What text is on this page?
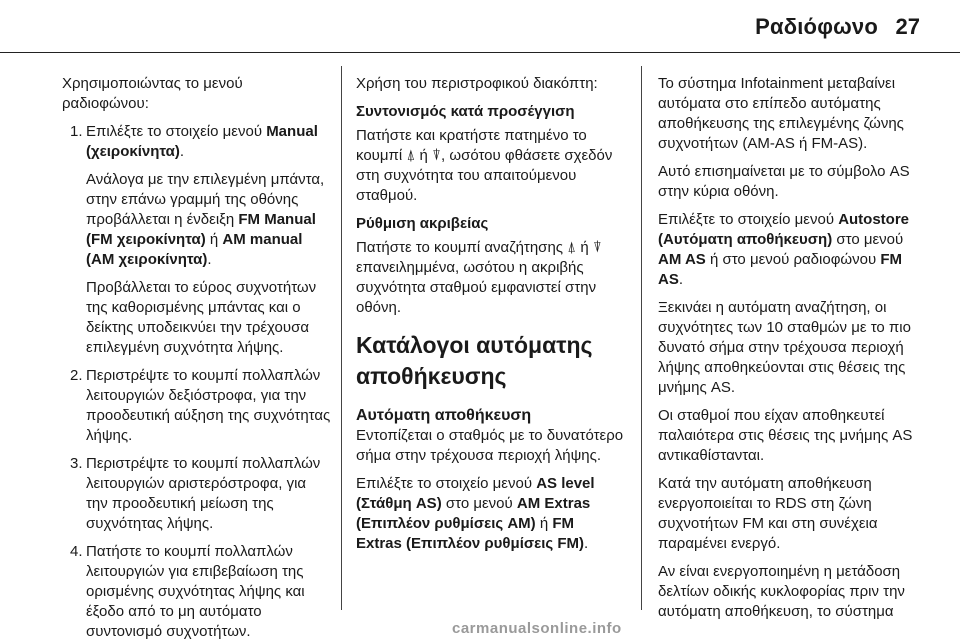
Ραδιόφωνο 27

Χρησιμοποιώντας το μενού ραδιοφώνου:

1. Επιλέξτε το στοιχείο μενού Manual (χειροκίνητα).
Ανάλογα με την επιλεγμένη μπάντα, στην επάνω γραμμή της οθόνης προβάλλεται η ένδειξη FM Manual (FM χειροκίνητα) ή AM manual (AM χειροκίνητα).
Προβάλλεται το εύρος συχνοτήτων της καθορισμένης μπάντας και ο δείκτης υποδεικνύει την τρέχουσα επιλεγμένη συχνότητα λήψης.
2. Περιστρέψτε το κουμπί πολλαπλών λειτουργιών δεξιόστροφα, για την προοδευτική αύξηση της συχνότητας λήψης.
3. Περιστρέψτε το κουμπί πολλαπλών λειτουργιών αριστερόστροφα, για την προοδευτική μείωση της συχνότητας λήψης.
4. Πατήστε το κουμπί πολλαπλών λειτουργιών για επιβεβαίωση της ορισμένης συχνότητας λήψης και έξοδο από το μη αυτόματο συντονισμό συχνοτήτων.

Χρήση του περιστροφικού διακόπτη:

Συντονισμός κατά προσέγγιση

Πατήστε και κρατήστε πατημένο το κουμπί ⍋ ή ⍒, ωσότου φθάσετε σχεδόν στη συχνότητα του απαιτούμενου σταθμού.

Ρύθμιση ακριβείας

Πατήστε το κουμπί αναζήτησης ⍋ ή ⍒ επανειλημμένα, ωσότου η ακριβής συχνότητα σταθμού εμφανιστεί στην οθόνη.

Κατάλογοι αυτόματης αποθήκευσης
Αυτόματη αποθήκευση

Εντοπίζεται ο σταθμός με το δυνατότερο σήμα στην τρέχουσα περιοχή λήψης.

Επιλέξτε το στοιχείο μενού AS level (Στάθμη AS) στο μενού AM Extras (Επιπλέον ρυθμίσεις AM) ή FM Extras (Επιπλέον ρυθμίσεις FM).

Το σύστημα Infotainment μεταβαίνει αυτόματα στο επίπεδο αυτόματης αποθήκευσης της επιλεγμένης ζώνης συχνοτήτων (AM-AS ή FM-AS).

Αυτό επισημαίνεται με το σύμβολο AS στην κύρια οθόνη.

Επιλέξτε το στοιχείο μενού Autostore (Αυτόματη αποθήκευση) στο μενού AM AS ή στο μενού ραδιοφώνου FM AS.

Ξεκινάει η αυτόματη αναζήτηση, οι συχνότητες των 10 σταθμών με το πιο δυνατό σήμα στην τρέχουσα περιοχή λήψης αποθηκεύονται στις θέσεις της μνήμης AS.

Οι σταθμοί που είχαν αποθηκευτεί παλαιότερα στις θέσεις της μνήμης AS αντικαθίστανται.

Κατά την αυτόματη αποθήκευση ενεργοποιείται το RDS στη ζώνη συχνοτήτων FM και στη συνέχεια παραμένει ενεργό.

Αν είναι ενεργοποιημένη η μετάδοση δελτίων οδικής κυκλοφορίας πριν την αυτόματη αποθήκευση, το σύστημα

carmanualsonline.info
